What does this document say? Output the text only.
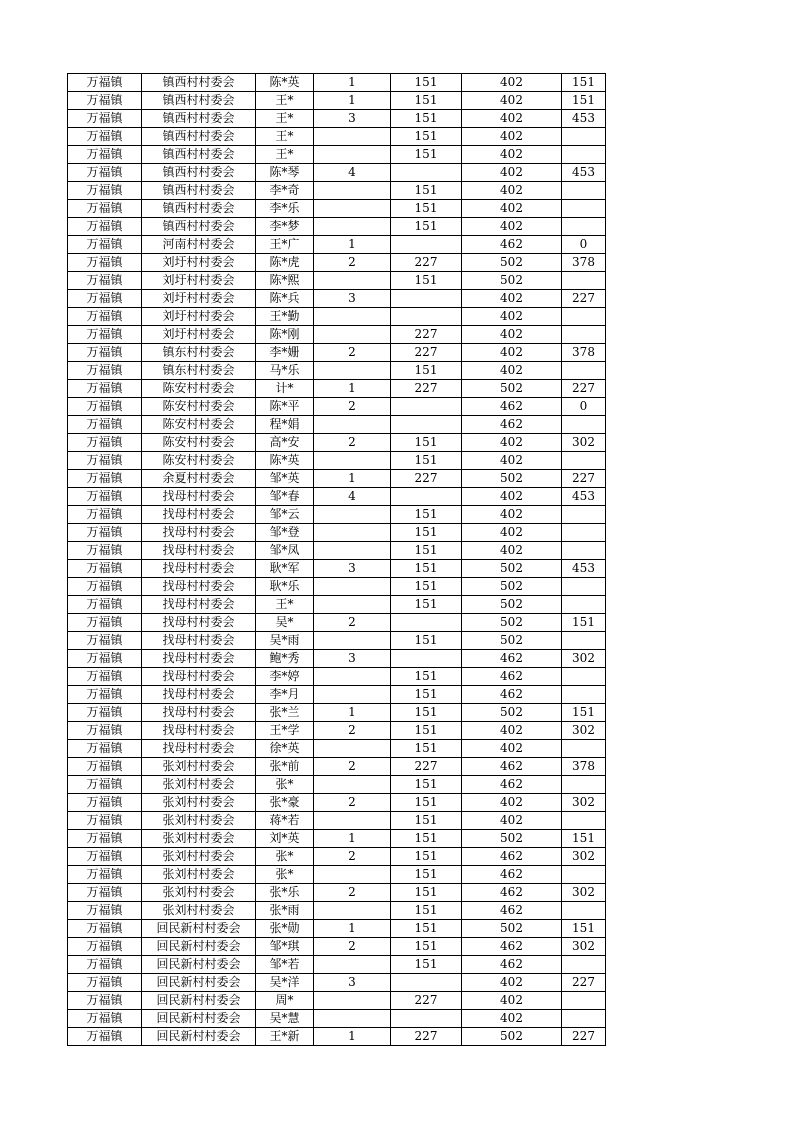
万福镇	镇西村村委会	陈*英	1	151	402	151
万福镇	镇西村村委会	王*	1	151	402	151
万福镇	镇西村村委会	王*	3	151	402	453
万福镇	镇西村村委会	王*		151	402	
万福镇	镇西村村委会	王*		151	402	
万福镇	镇西村村委会	陈*琴	4		402	453
万福镇	镇西村村委会	李*奇		151	402	
万福镇	镇西村村委会	李*乐		151	402	
万福镇	镇西村村委会	李*梦		151	402	
万福镇	河南村村委会	王*广	1		462	0
万福镇	刘圩村村委会	陈*虎	2	227	502	378
万福镇	刘圩村村委会	陈*熙		151	502	
万福镇	刘圩村村委会	陈*兵	3		402	227
万福镇	刘圩村村委会	王*勤			402	
万福镇	刘圩村村委会	陈*刚		227	402	
万福镇	镇东村村委会	李*姗	2	227	402	378
万福镇	镇东村村委会	马*乐		151	402	
万福镇	陈安村村委会	计*	1	227	502	227
万福镇	陈安村村委会	陈*平	2		462	0
万福镇	陈安村村委会	程*娟			462	
万福镇	陈安村村委会	高*安	2	151	402	302
万福镇	陈安村村委会	陈*英		151	402	
万福镇	余夏村村委会	邹*英	1	227	502	227
万福镇	找母村村委会	邹*春	4		402	453
万福镇	找母村村委会	邹*云		151	402	
万福镇	找母村村委会	邹*登		151	402	
万福镇	找母村村委会	邹*凤		151	402	
万福镇	找母村村委会	耿*军	3	151	502	453
万福镇	找母村村委会	耿*乐		151	502	
万福镇	找母村村委会	王*		151	502	
万福镇	找母村村委会	吴*	2		502	151
万福镇	找母村村委会	吴*雨		151	502	
万福镇	找母村村委会	鲍*秀	3		462	302
万福镇	找母村村委会	李*婷		151	462	
万福镇	找母村村委会	李*月		151	462	
万福镇	找母村村委会	张*兰	1	151	502	151
万福镇	找母村村委会	王*学	2	151	402	302
万福镇	找母村村委会	徐*英		151	402	
万福镇	张刘村村委会	张*前	2	227	462	378
万福镇	张刘村村委会	张*		151	462	
万福镇	张刘村村委会	张*豪	2	151	402	302
万福镇	张刘村村委会	蒋*若		151	402	
万福镇	张刘村村委会	刘*英	1	151	502	151
万福镇	张刘村村委会	张*	2	151	462	302
万福镇	张刘村村委会	张*		151	462	
万福镇	张刘村村委会	张*乐	2	151	462	302
万福镇	张刘村村委会	张*雨		151	462	
万福镇	回民新村村委会	张*勋	1	151	502	151
万福镇	回民新村村委会	邹*琪	2	151	462	302
万福镇	回民新村村委会	邹*若		151	462	
万福镇	回民新村村委会	吴*洋	3		402	227
万福镇	回民新村村委会	周*		227	402	
万福镇	回民新村村委会	吴*慧			402	
万福镇	回民新村村委会	王*新	1	227	502	227
